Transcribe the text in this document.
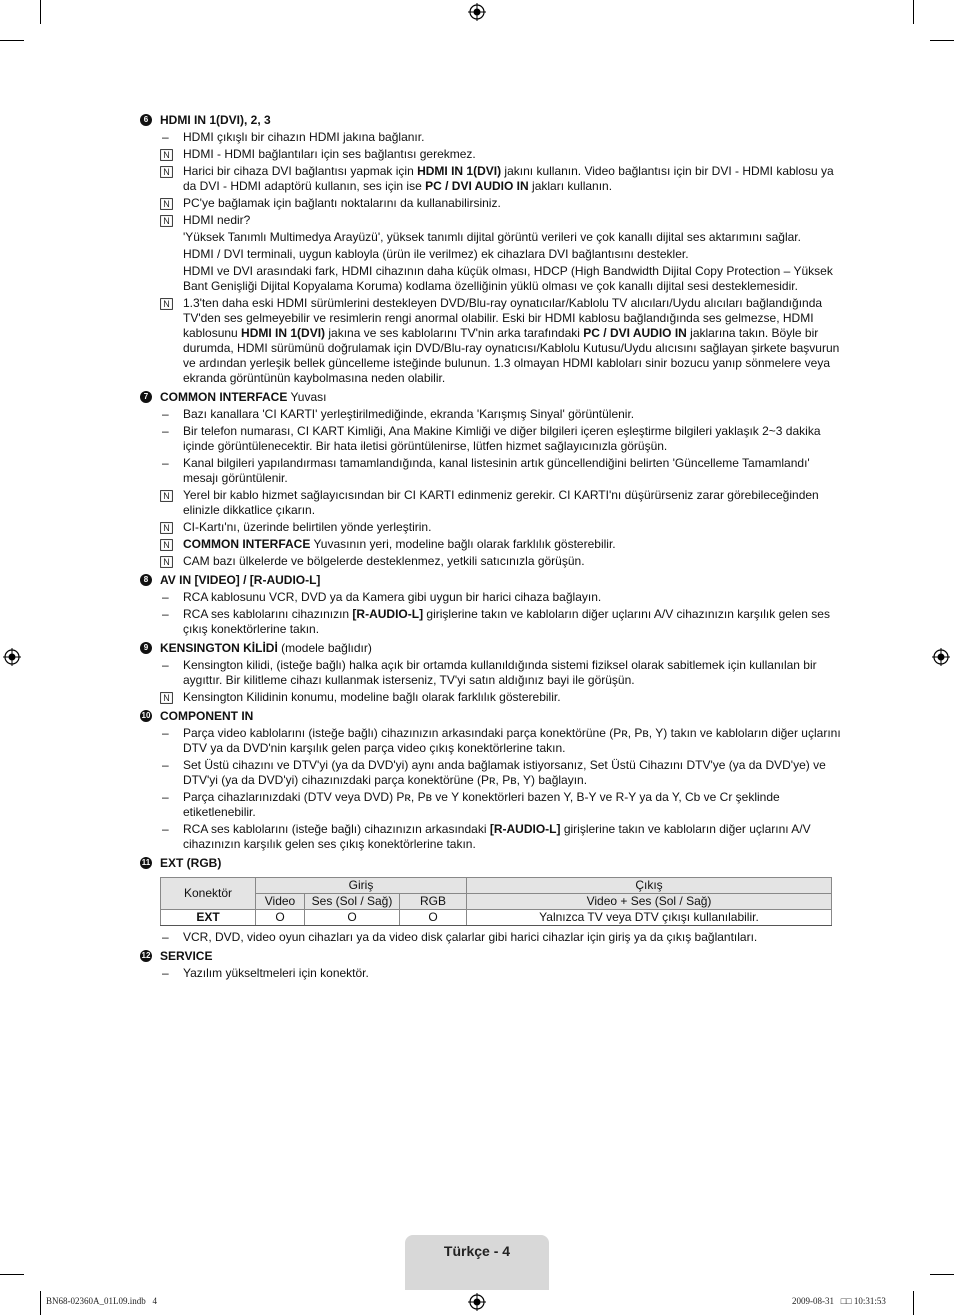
6 HDMI IN 1(DVI), 2, 3
– HDMI çıkışlı bir cihazın HDMI jakına bağlanır.
N HDMI - HDMI bağlantıları için ses bağlantısı gerekmez.
N Harici bir cihaza DVI bağlantısı yapmak için HDMI IN 1(DVI) jakını kullanın. Video bağlantısı için bir DVI - HDMI kablosu ya da DVI - HDMI adaptörü kullanın, ses için ise PC / DVI AUDIO IN jakları kullanın.
N PC'ye bağlamak için bağlantı noktalarını da kullanabilirsiniz.
N HDMI nedir?
'Yüksek Tanımlı Multimedya Arayüzü', yüksek tanımlı dijital görüntü verileri ve çok kanallı dijital ses aktarımını sağlar.
HDMI / DVI terminali, uygun kabloyla (ürün ile verilmez) ek cihazlara DVI bağlantısını destekler.
HDMI ve DVI arasındaki fark, HDMI cihazının daha küçük olması, HDCP (High Bandwidth Dijital Copy Protection – Yüksek Bant Genişliği Dijital Kopyalama Koruma) kodlama özelliğinin yüklü olması ve çok kanallı dijital sesi desteklemesidir.
N 1.3'ten daha eski HDMI sürümlerini destekleyen DVD/Blu-ray oynatıcılar/Kablolu TV alıcıları/Uydu alıcıları bağlandığında TV'den ses gelmeyebilir ve resimlerin rengi anormal olabilir. Eski bir HDMI kablosu bağlandığında ses gelmezse, HDMI kablosunu HDMI IN 1(DVI) jakına ve ses kablolarını TV'nin arka tarafındaki PC / DVI AUDIO IN jaklarına takın. Böyle bir durumda, HDMI sürümünü doğrulamak için DVD/Blu-ray oynatıcısı/Kablolu Kutusu/Uydu alıcısını sağlayan şirkete başvurun ve ardından yerleşik bellek güncelleme isteğinde bulunun. 1.3 olmayan HDMI kabloları sinir bozucu yanıp sönmelere veya ekranda görüntünün kaybolmasına neden olabilir.
7 COMMON INTERFACE Yuvası
– Bazı kanallara 'CI KARTI' yerleştirilmediğinde, ekranda 'Karışmış Sinyal' görüntülenir.
– Bir telefon numarası, CI KART Kimliği, Ana Makine Kimliği ve diğer bilgileri içeren eşleştirme bilgileri yaklaşık 2~3 dakika içinde görüntülenecektir. Bir hata iletisi görüntülenirse, lütfen hizmet sağlayıcınızla görüşün.
– Kanal bilgileri yapılandırması tamamlandığında, kanal listesinin artık güncellendiğini belirten 'Güncelleme Tamamlandı' mesajı görüntülenir.
N Yerel bir kablo hizmet sağlayıcısından bir CI KARTI edinmeniz gerekir. CI KARTI'nı düşürürseniz zarar görebileceğinden elinizle dikkatlice çıkarın.
N CI-Kartı'nı, üzerinde belirtilen yönde yerleştirin.
N COMMON INTERFACE Yuvasının yeri, modeline bağlı olarak farklılık gösterebilir.
N CAM bazı ülkelerde ve bölgelerde desteklenmez, yetkili satıcınızla görüşün.
8 AV IN [VIDEO] / [R-AUDIO-L]
– RCA kablosunu VCR, DVD ya da Kamera gibi uygun bir harici cihaza bağlayın.
– RCA ses kablolarını cihazınızın [R-AUDIO-L] girişlerine takın ve kabloların diğer uçlarını A/V cihazınızın karşılık gelen ses çıkış konektörlerine takın.
9 KENSINGTON KİLİDİ (modele bağlıdır)
– Kensington kilidi, (isteğe bağlı) halka açık bir ortamda kullanıldığında sistemi fiziksel olarak sabitlemek için kullanılan bir aygıttır. Bir kilitleme cihazı kullanmak isterseniz, TV'yi satın aldığınız bayi ile görüşün.
N Kensington Kilidinin konumu, modeline bağlı olarak farklılık gösterebilir.
10 COMPONENT IN
– Parça video kablolarını (isteğe bağlı) cihazınızın arkasındaki parça konektörüne (Pʀ, Pʙ, Y) takın ve kabloların diğer uçlarını DTV ya da DVD'nin karşılık gelen parça video çıkış konektörlerine takın.
– Set Üstü cihazını ve DTV'yi (ya da DVD'yi) aynı anda bağlamak istiyorsanız, Set Üstü Cihazını DTV'ye (ya da DVD'ye) ve DTV'yi (ya da DVD'yi) cihazınızdaki parça konektörüne (Pʀ, Pʙ, Y) bağlayın.
– Parça cihazlarınızdaki (DTV veya DVD) Pʀ, Pʙ ve Y konektörleri bazen Y, B-Y ve R-Y ya da Y, Cb ve Cr şeklinde etiketlenebilir.
– RCA ses kablolarını (isteğe bağlı) cihazınızın arkasındaki [R-AUDIO-L] girişlerine takın ve kabloların diğer uçlarını A/V cihazınızın karşılık gelen ses çıkış konektörlerine takın.
11 EXT (RGB)
Konektör	Giriş			Çıkış
	Video	Ses (Sol / Sağ)	RGB	Video + Ses (Sol / Sağ)
EXT	O	O	O	Yalnızca TV veya DTV çıkışı kullanılabilir.
– VCR, DVD, video oyun cihazları ya da video disk çalarlar gibi harici cihazlar için giriş ya da çıkış bağlantıları.
12 SERVICE
– Yazılım yükseltmeleri için konektör.
Türkçe - 4
BN68-02360A_01L09.indb   4	2009-08-31   □□ 10:31:53
